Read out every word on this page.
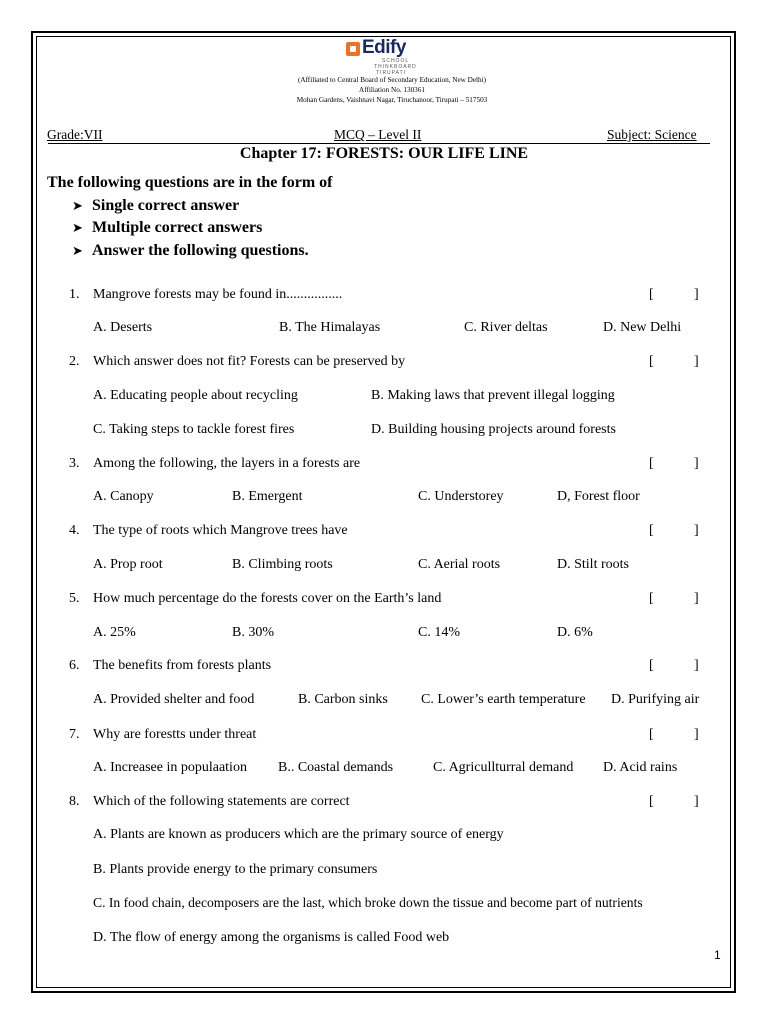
Edify
SCHOOL
THINKBOARD
TIRUPATI
(Affiliated to Central Board of Secondary Education, New Delhi)
Affiliation No. 130361
Mohan Gardens, Vaishnavi Nagar, Tiruchanoor, Tirupati – 517503
Grade:VII	MCQ – Level II	Subject: Science
Chapter 17: FORESTS: OUR LIFE LINE
The following questions are in the form of
➤ Single correct answer
➤ Multiple correct answers
➤ Answer the following questions.
1. Mangrove forests may be found in................	[	]
A. Deserts	B. The Himalayas	C. River deltas	D. New Delhi
2. Which answer does not fit? Forests can be preserved by	[	]
A. Educating people about recycling	B. Making laws that prevent illegal logging
C. Taking steps to tackle forest fires	D. Building housing projects around forests
3. Among the following, the layers in a forests are	[	]
A. Canopy	B. Emergent	C. Understorey	D, Forest floor
4. The type of roots which Mangrove trees have	[	]
A. Prop root	B. Climbing roots	C. Aerial roots	D. Stilt roots
5. How much percentage do the forests cover on the Earth’s land	[	]
A. 25%	B. 30%	C. 14%	D. 6%
6. The benefits from forests plants	[	]
A. Provided shelter and food	B. Carbon sinks C. Lower’s earth temperature D. Purifying air
7. Why are forestts under threat	[	]
A. Increasee in populaation B.. Coastal demands	C. Agricullturral demand D. Acid rains
8. Which of the following statements are correct	[	]
A. Plants are known as producers which are the primary source of energy
B. Plants provide energy to the primary consumers
C. In food chain, decomposers are the last, which broke down the tissue and become part of nutrients
D. The flow of energy among the organisms is called Food web
1
